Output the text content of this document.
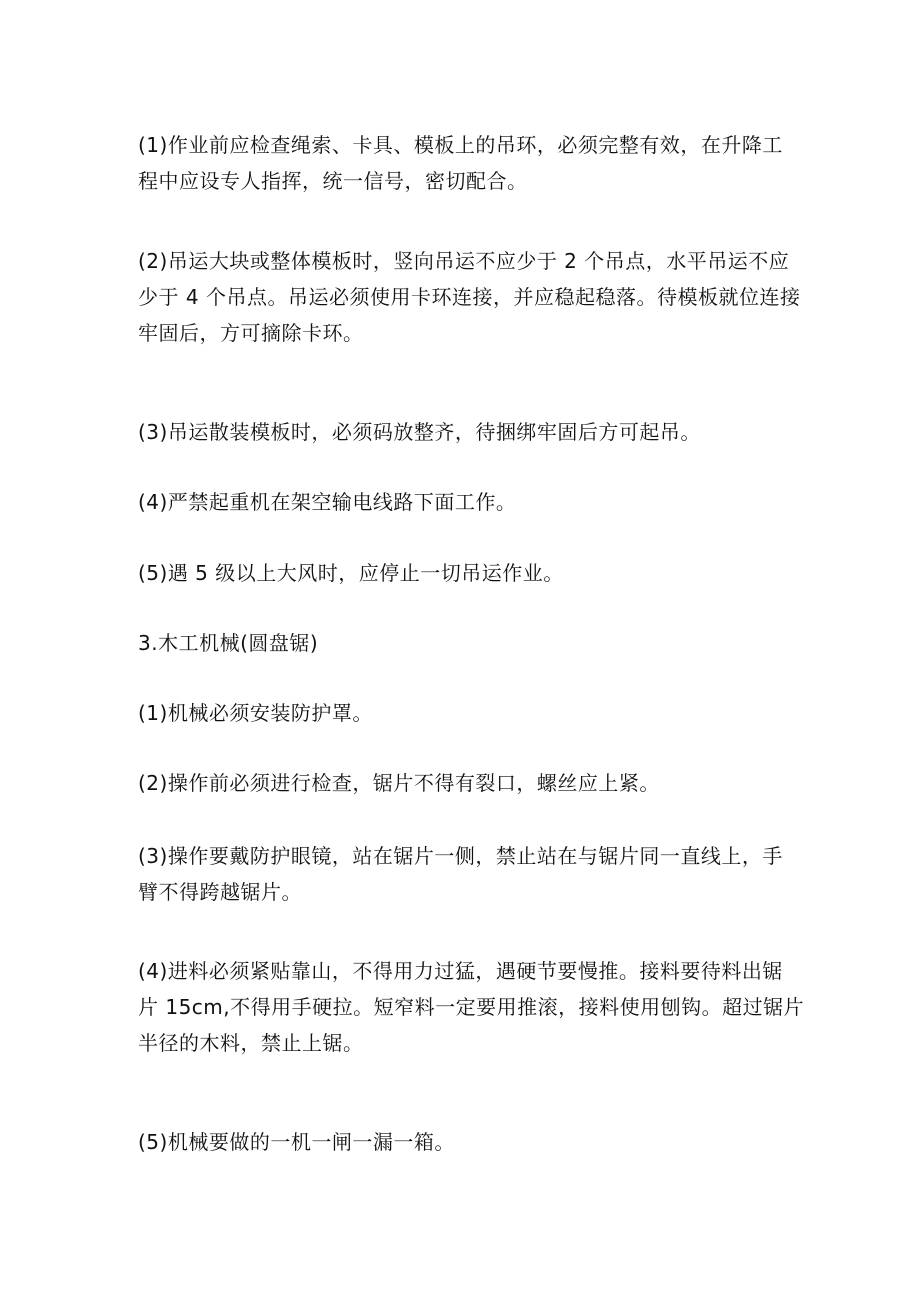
(1)作业前应检查绳索、卡具、模板上的吊环，必须完整有效，在升降工
程中应设专人指挥，统一信号，密切配合。
(2)吊运大块或整体模板时，竖向吊运不应少于 2 个吊点，水平吊运不应
少于 4 个吊点。吊运必须使用卡环连接，并应稳起稳落。待模板就位连接
牢固后，方可摘除卡环。
(3)吊运散装模板时，必须码放整齐，待捆绑牢固后方可起吊。
(4)严禁起重机在架空输电线路下面工作。
(5)遇 5 级以上大风时，应停止一切吊运作业。
3.木工机械(圆盘锯)
(1)机械必须安装防护罩。
(2)操作前必须进行检查，锯片不得有裂口，螺丝应上紧。
(3)操作要戴防护眼镜，站在锯片一侧，禁止站在与锯片同一直线上，手
臂不得跨越锯片。
(4)进料必须紧贴靠山，不得用力过猛，遇硬节要慢推。接料要待料出锯
片 15cm,不得用手硬拉。短窄料一定要用推滚，接料使用刨钩。超过锯片
半径的木料，禁止上锯。
(5)机械要做的一机一闸一漏一箱。
